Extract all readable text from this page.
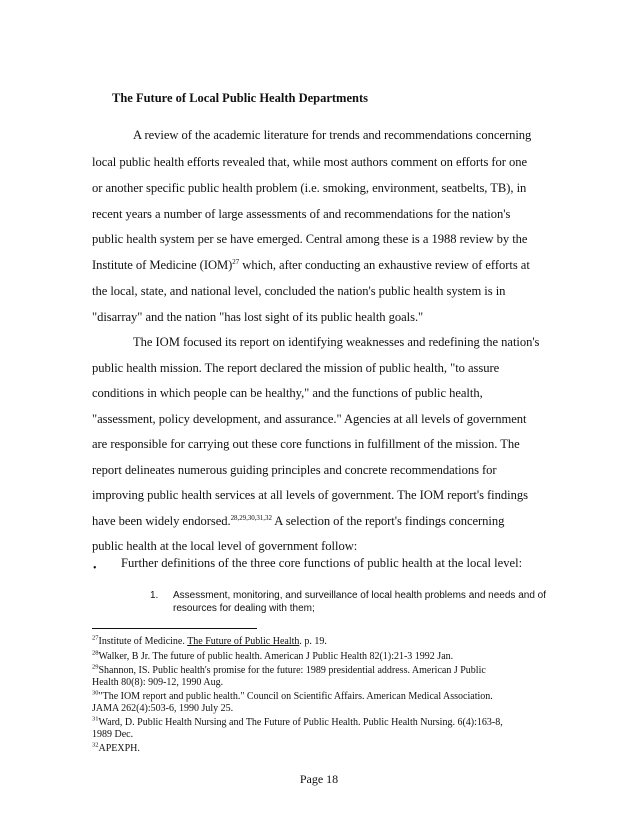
The Future of Local Public Health Departments
A review of the academic literature for trends and recommendations concerning
local public health efforts revealed that, while most authors comment on efforts for one
or another specific public health problem (i.e. smoking, environment, seatbelts, TB), in
recent years a number of large assessments of and recommendations for the nation's
public health system per se have emerged. Central among these is a 1988 review by the
Institute of Medicine (IOM)$^{27}$ which, after conducting an exhaustive review of efforts at
the local, state, and national level, concluded the nation's public health system is in
"disarray" and the nation "has lost sight of its public health goals."
The IOM focused its report on identifying weaknesses and redefining the nation's
public health mission. The report declared the mission of public health, "to assure
conditions in which people can be healthy," and the functions of public health,
"assessment, policy development, and assurance." Agencies at all levels of government
are responsible for carrying out these core functions in fulfillment of the mission. The
report delineates numerous guiding principles and concrete recommendations for
improving public health services at all levels of government. The IOM report's findings
have been widely endorsed.$^{28,29,30,31,32}$ A selection of the report's findings concerning
public health at the local level of government follow:
• Further definitions of the three core functions of public health at the local level:
1. Assessment, monitoring, and surveillance of local health problems and needs and of resources for dealing with them;
$^{27}$Institute of Medicine. The Future of Public Health. p. 19.
$^{28}$Walker, B Jr. The future of public health. American J Public Health 82(1):21-3 1992 Jan.
$^{29}$Shannon, IS. Public health's promise for the future: 1989 presidential address. American J Public
Health 80(8): 909-12, 1990 Aug.
$^{30}$"The IOM report and public health." Council on Scientific Affairs. American Medical Association.
JAMA 262(4):503-6, 1990 July 25.
$^{31}$Ward, D. Public Health Nursing and The Future of Public Health. Public Health Nursing. 6(4):163-8,
1989 Dec.
$^{32}$APEXPH.
Page 18
